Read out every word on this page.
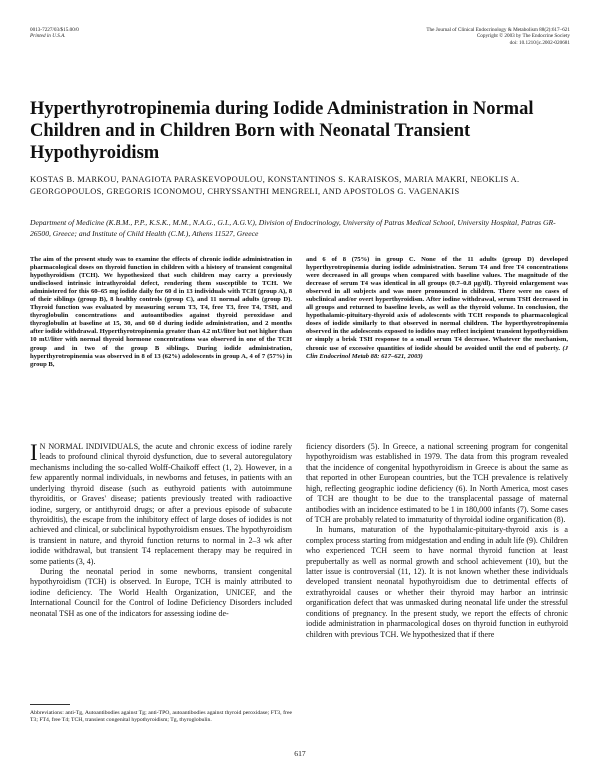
0013-7227/03/$15.00/0
Printed in U.S.A.
The Journal of Clinical Endocrinology & Metabolism 88(2):617–621
Copyright © 2003 by The Endocrine Society
doi: 10.1210/jc.2002-020681
Hyperthyrotropinemia during Iodide Administration in Normal Children and in Children Born with Neonatal Transient Hypothyroidism

KOSTAS B. MARKOU, PANAGIOTA PARASKEVOPOULOU, KONSTANTINOS S. KARAISKOS, MARIA MAKRI, NEOKLIS A. GEORGOPOULOS, GREGORIS ICONOMOU, CHRYSSANTHI MENGRELI, AND APOSTOLOS G. VAGENAKIS

Department of Medicine (K.B.M., P.P., K.S.K., M.M., N.A.G., G.I., A.G.V.), Division of Endocrinology, University of Patras Medical School, University Hospital, Patras GR-26500, Greece; and Institute of Child Health (C.M.), Athens 11527, Greece

The aim of the present study was to examine the effects of chronic iodide administration in pharmacological doses on thyroid function in children with a history of transient congenital hypothyroidism (TCH). We hypothesized that such children may carry a previously undisclosed intrinsic intrathyroidal defect, rendering them susceptible to TCH. We administered for this 60–65 mg iodide daily for 60 d in 13 individuals with TCH (group A), 8 of their siblings (group B), 8 healthy controls (group C), and 11 normal adults (group D). Thyroid function was evaluated by measuring serum T3, T4, free T3, free T4, TSH, and thyroglobulin concentrations and autoantibodies against thyroid peroxidase and thyroglobulin at baseline at 15, 30, and 60 d during iodide administration, and 2 months after iodide withdrawal. Hyperthyrotropinemia greater than 4.2 mU/liter but not higher than 10 mU/liter with normal thyroid hormone concentrations was observed in one of the TCH group and in two of the group B siblings. During iodide administration, hyperthyrotropinemia was observed in 8 of 13 (62%) adolescents in group A, 4 of 7 (57%) in group B,

and 6 of 8 (75%) in group C. None of the 11 adults (group D) developed hyperthyrotropinemia during iodide administration. Serum T4 and free T4 concentrations were decreased in all groups when compared with baseline values. The magnitude of the decrease of serum T4 was identical in all groups (0.7–0.8 μg/dl). Thyroid enlargement was observed in all subjects and was more pronounced in children. There were no cases of subclinical and/or overt hyperthyroidism. After iodine withdrawal, serum TSH decreased in all groups and returned to baseline levels, as well as the thyroid volume. In conclusion, the hypothalamic-pituitary-thyroid axis of adolescents with TCH responds to pharmacological doses of iodide similarly to that observed in normal children. The hyperthyrotropinemia observed in the adolescents exposed to iodides may reflect incipient transient hypothyroidism or simply a brisk TSH response to a small serum T4 decrease. Whatever the mechanism, chronic use of excessive quantities of iodide should be avoided until the end of puberty. (J Clin Endocrinol Metab 88: 617–621, 2003)

I N NORMAL INDIVIDUALS, the acute and chronic excess of iodine rarely leads to profound clinical thyroid dysfunction, due to several autoregulatory mechanisms including the so-called Wolff-Chaikoff effect (1, 2). However, in a few apparently normal individuals, in newborns and fetuses, in patients with an underlying thyroid disease (such as euthyroid patients with autoimmune thyroiditis, or Graves' disease; patients previously treated with radioactive iodine, surgery, or antithyroid drugs; or after a previous episode of subacute thyroiditis), the escape from the inhibitory effect of large doses of iodides is not achieved and clinical, or subclinical hypothyroidism ensues. The hypothyroidism is transient in nature, and thyroid function returns to normal in 2–3 wk after iodide withdrawal, but transient T4 replacement therapy may be required in some patients (3, 4).

During the neonatal period in some newborns, transient congenital hypothyroidism (TCH) is observed. In Europe, TCH is mainly attributed to iodine deficiency. The World Health Organization, UNICEF, and the International Council for the Control of Iodine Deficiency Disorders included neonatal TSH as one of the indicators for assessing iodine de-

ficiency disorders (5). In Greece, a national screening program for congenital hypothyroidism was established in 1979. The data from this program revealed that the incidence of congenital hypothyroidism in Greece is about the same as that reported in other European countries, but the TCH prevalence is relatively high, reflecting geographic iodine deficiency (6). In North America, most cases of TCH are thought to be due to the transplacental passage of maternal antibodies with an incidence estimated to be 1 in 180,000 infants (7). Some cases of TCH are probably related to immaturity of thyroidal iodine organification (8).

In humans, maturation of the hypothalamic-pituitary-thyroid axis is a complex process starting from midgestation and ending in adult life (9). Children who experienced TCH seem to have normal thyroid function at least prepubertally as well as normal growth and school achievement (10), but the latter issue is controversial (11, 12). It is not known whether these individuals developed transient neonatal hypothyroidism due to detrimental effects of extrathyroidal causes or whether their thyroid may harbor an intrinsic organification defect that was unmasked during neonatal life under the stressful conditions of pregnancy. In the present study, we report the effects of chronic iodide administration in pharmacological doses on thyroid function in euthyroid children with previous TCH. We hypothesized that if there

Abbreviations: anti-Tg, Autoantibodies against Tg; anti-TPO, autoantibodies against thyroid peroxidase; FT3, free T3; FT4, free T4; TCH, transient congenital hypothyroidism; Tg, thyroglobulin.

617
